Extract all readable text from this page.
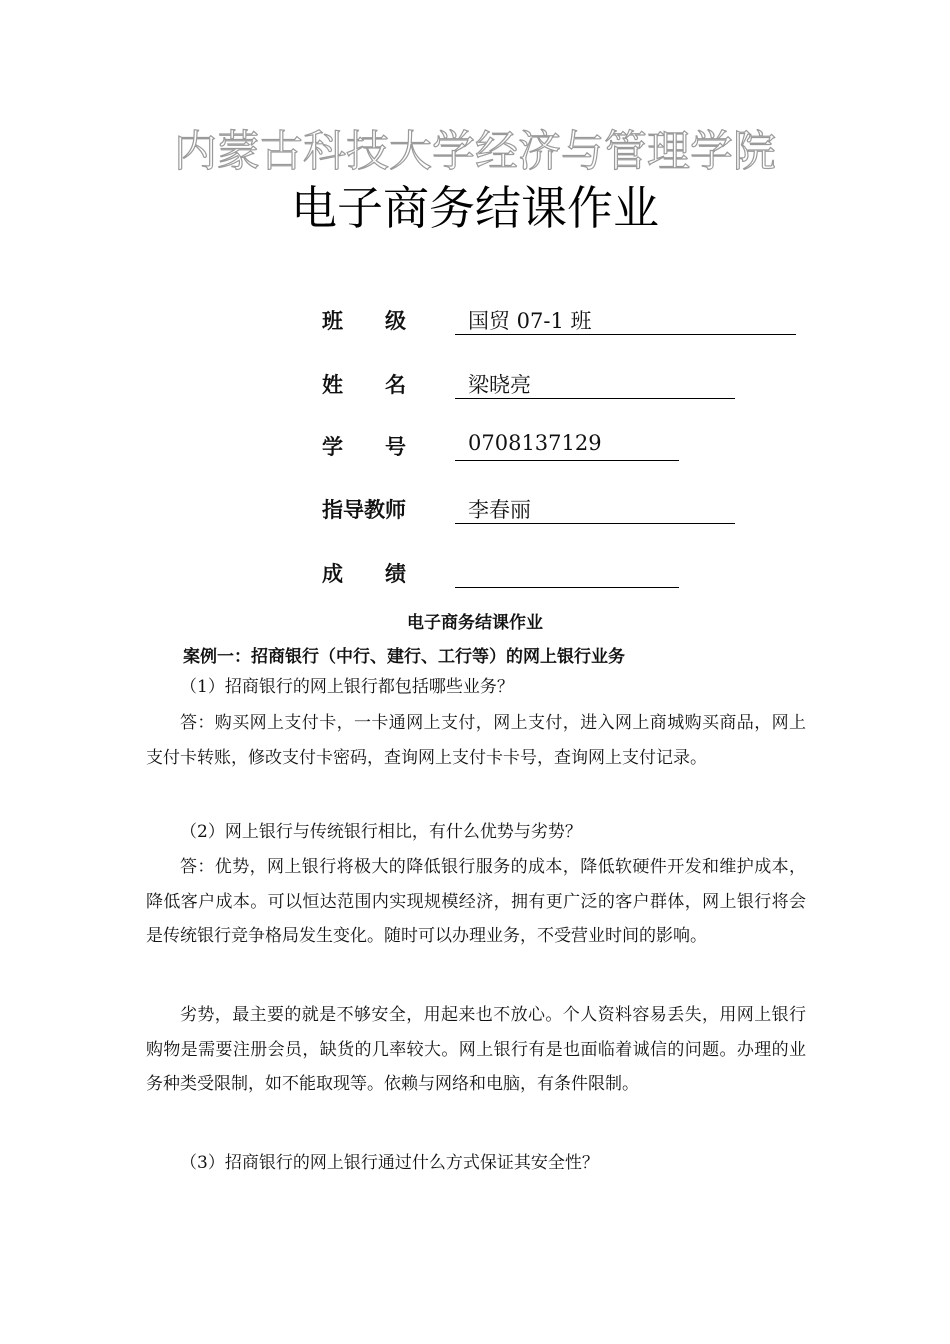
内蒙古科技大学经济与管理学院
电子商务结课作业
班　　级	国贸 07-1 班
姓　　名	梁晓亮
学　　号	0708137129
指导教师	李春丽
成　　绩
电子商务结课作业
案例一：招商银行（中行、建行、工行等）的网上银行业务

（1）招商银行的网上银行都包括哪些业务？

答：购买网上支付卡，一卡通网上支付，网上支付，进入网上商城购买商品，网上支付卡转账，修改支付卡密码，查询网上支付卡卡号，查询网上支付记录。

（2）网上银行与传统银行相比，有什么优势与劣势？

答：优势，网上银行将极大的降低银行服务的成本，降低软硬件开发和维护成本，降低客户成本。可以恒达范围内实现规模经济，拥有更广泛的客户群体，网上银行将会是传统银行竞争格局发生变化。随时可以办理业务，不受营业时间的影响。

劣势，最主要的就是不够安全，用起来也不放心。个人资料容易丢失，用网上银行购物是需要注册会员，缺货的几率较大。网上银行有是也面临着诚信的问题。办理的业务种类受限制，如不能取现等。依赖与网络和电脑，有条件限制。

（3）招商银行的网上银行通过什么方式保证其安全性？
